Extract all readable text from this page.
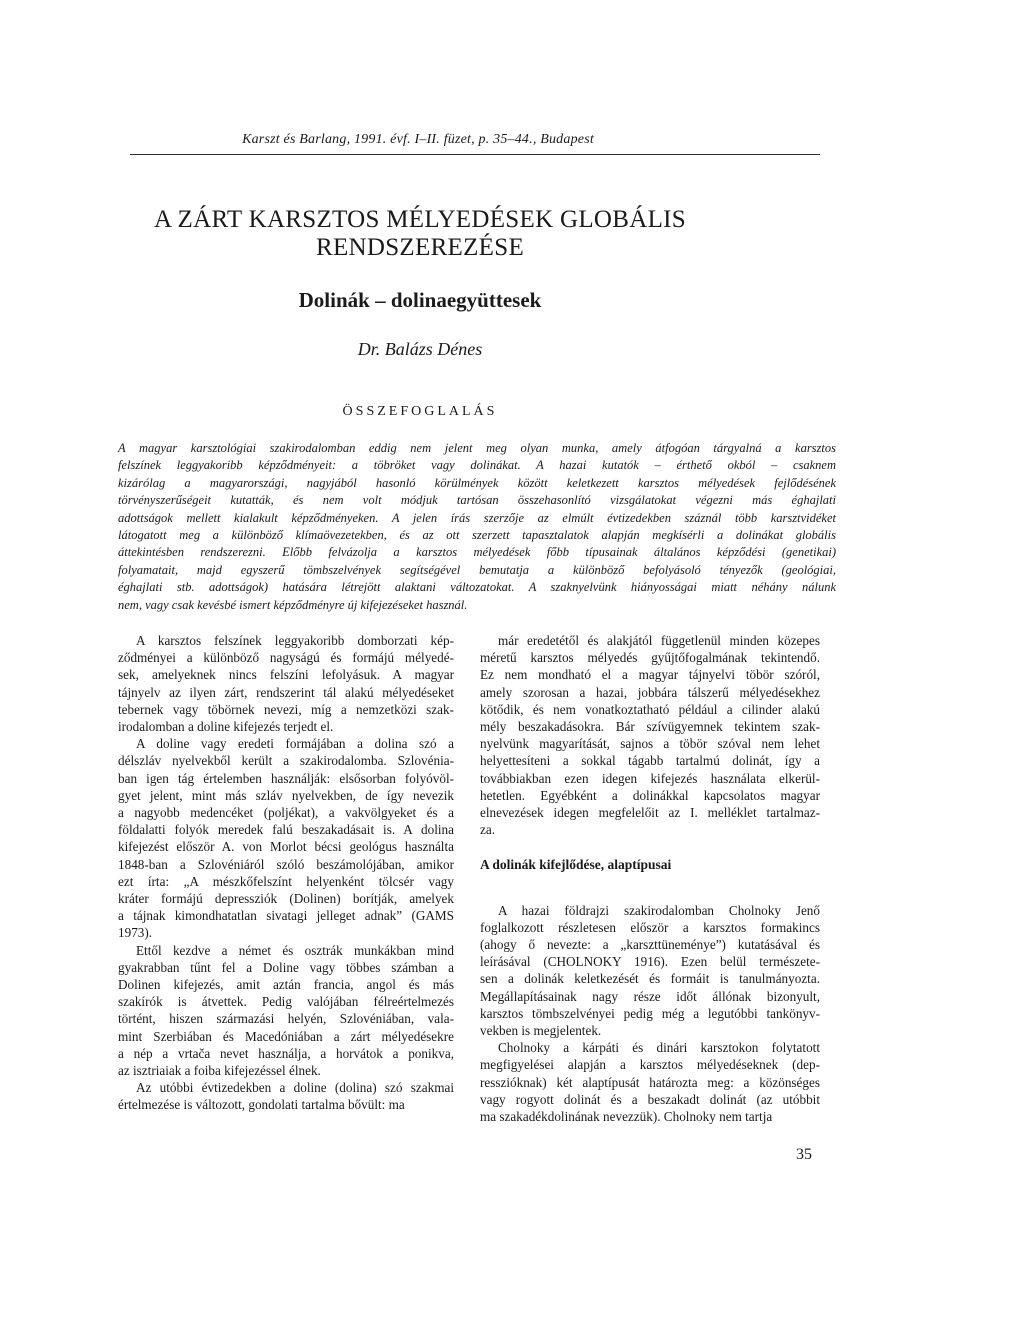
Karszt és Barlang, 1991. évf. I–II. füzet, p. 35–44., Budapest
A ZÁRT KARSZTOS MÉLYEDÉSEK GLOBÁLIS
RENDSZEREZÉSE
Dolinák – dolinaegyüttesek
Dr. Balázs Dénes
ÖSSZEFOGLALÁS
A magyar karsztológiai szakirodalomban eddig nem jelent meg olyan munka, amely átfogóan tárgyalná a karsztos
felszínek leggyakoribb képződményeit: a töbröket vagy dolinákat. A hazai kutatók – érthető okból – csaknem
kizárólag a magyarországi, nagyjából hasonló körülmények között keletkezett karsztos mélyedések fejlődésének
törvényszerűségeit kutatták, és nem volt módjuk tartósan összehasonlító vizsgálatokat végezni más éghajlati
adottságok mellett kialakult képződményeken. A jelen írás szerzője az elmúlt évtizedekben száznál több karsztvidéket
látogatott meg a különböző klímaövezetekben, és az ott szerzett tapasztalatok alapján megkísérli a dolinákat globális
áttekintésben rendszerezni. Előbb felvázolja a karsztos mélyedések főbb típusainak általános képződési (genetikai)
folyamatait, majd egyszerű tömbszelvények segítségével bemutatja a különböző befolyásoló tényezők (geológiai,
éghajlati stb. adottságok) hatására létrejött alaktani változatokat. A szaknyelvünk hiányosságai miatt néhány nálunk
nem, vagy csak kevésbé ismert képződményre új kifejezéseket használ.

A karsztos felszínek leggyakoribb domborzati kép-
ződményei a különböző nagyságú és formájú mélyedé-
sek, amelyeknek nincs felszíni lefolyásuk. A magyar
tájnyelv az ilyen zárt, rendszerint tál alakú mélyedéseket
tebernek vagy töbörnek nevezi, míg a nemzetközi szak-
irodalomban a doline kifejezés terjedt el.

A doline vagy eredeti formájában a dolina szó a
délszláv nyelvekből került a szakirodalomba. Szlovénia-
ban igen tág értelemben használják: elsősorban folyóvöl-
gyet jelent, mint más szláv nyelvekben, de így nevezik
a nagyobb medencéket (poljékat), a vakvölgyeket és a
földalatti folyók meredek falú beszakadásait is. A dolina
kifejezést először A. von Morlot bécsi geológus használta
1848-ban a Szlovéniáról szóló beszámolójában, amikor
ezt írta: „A mészkőfelszínt helyenként tölcsér vagy
kráter formájú depressziók (Dolinen) borítják, amelyek
a tájnak kimondhatatlan sivatagi jelleget adnak” (GAMS
1973).

Ettől kezdve a német és osztrák munkákban mind
gyakrabban tűnt fel a Doline vagy többes számban a
Dolinen kifejezés, amit aztán francia, angol és más
szakírók is átvettek. Pedig valójában félreértelmezés
történt, hiszen származási helyén, Szlovéniában, vala-
mint Szerbiában és Macedóniában a zárt mélyedésekre
a nép a vrtača nevet használja, a horvátok a ponikva,
az isztriaiak a foiba kifejezéssel élnek.

Az utóbbi évtizedekben a doline (dolina) szó szakmai
értelmezése is változott, gondolati tartalma bővült: ma

már eredetétől és alakjától függetlenül minden közepes
méretű karsztos mélyedés gyűjtőfogalmának tekintendő.
Ez nem mondható el a magyar tájnyelvi töbör szóról,
amely szorosan a hazai, jobbára tálszerű mélyedésekhez
kötődik, és nem vonatkoztatható például a cilinder alakú
mély beszakadásokra. Bár szívügyemnek tekintem szak-
nyelvünk magyarítását, sajnos a töbör szóval nem lehet
helyettesíteni a sokkal tágabb tartalmú dolinát, így a
továbbiakban ezen idegen kifejezés használata elkerül-
hetetlen. Egyébként a dolinákkal kapcsolatos magyar
elnevezések idegen megfelelőit az I. melléklet tartalmaz-
za.

A dolinák kifejlődése, alaptípusai

A hazai földrajzi szakirodalomban Cholnoky Jenő
foglalkozott részletesen először a karsztos formakincs
(ahogy ő nevezte: a „karszttüneménye”) kutatásával és
leírásával (CHOLNOKY 1916). Ezen belül természete-
sen a dolinák keletkezését és formáit is tanulmányozta.
Megállapításainak nagy része időt állónak bizonyult,
karsztos tömbszelvényei pedig még a legutóbbi tankönyv-
vekben is megjelentek.

Cholnoky a kárpáti és dinári karsztokon folytatott
megfigyelései alapján a karsztos mélyedéseknek (dep-
resszióknak) két alaptípusát határozta meg: a közönséges
vagy rogyott dolinát és a beszakadt dolinát (az utóbbit
ma szakadékdolinának nevezzük). Cholnoky nem tartja

35
